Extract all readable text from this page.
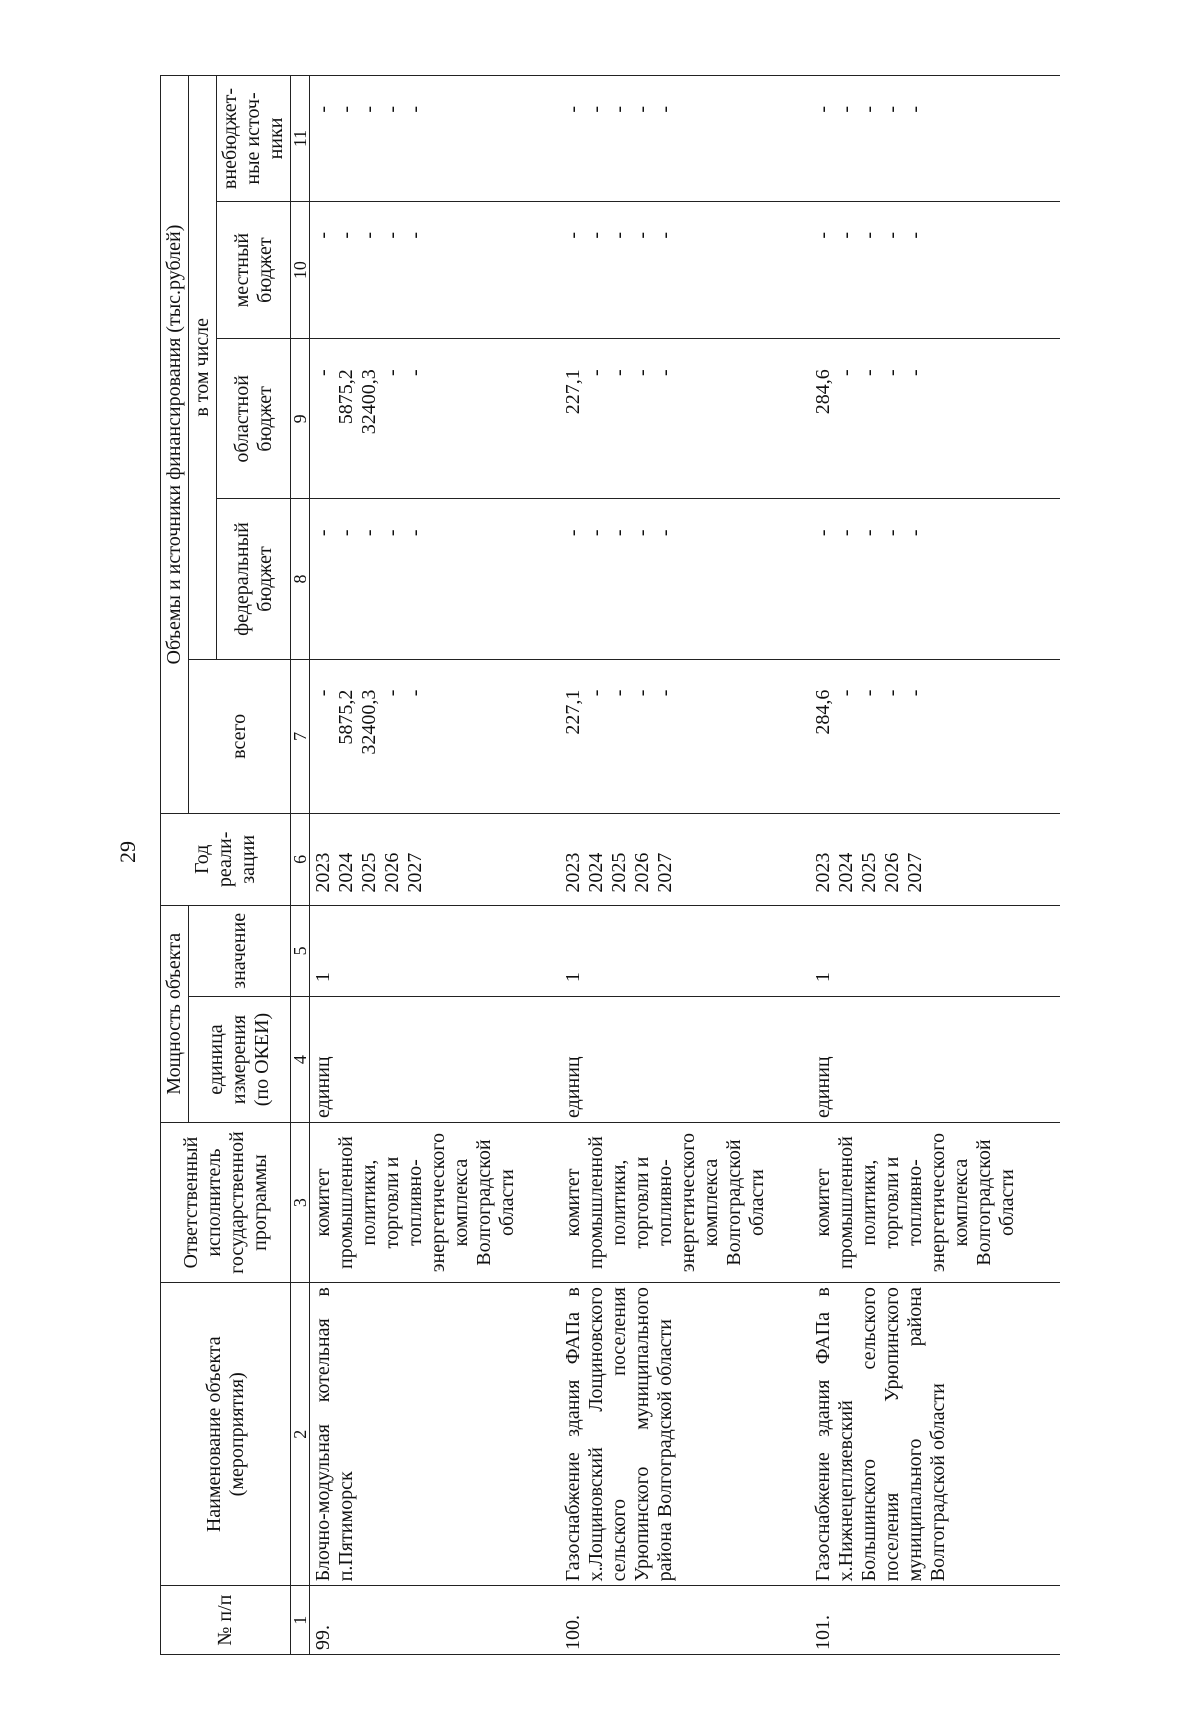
29
№ п/п	Наименование объекта (мероприятия)	Ответственный исполнитель государственной программы	Мощность объекта		Год реали-зации	Объемы и источники финансирования (тыс.рублей)				
			единица измерения (по ОКЕИ)	значение		всего	в том числе			
							федеральный бюджет	областной бюджет	местный бюджет	внебюджет-ные источ-ники
1	2	3	4	5	6	7	8	9	10	11
99.	Блочно-модульная котельная в п.Пятиморск	комитет промышленной политики, торговли и топливно-энергетического комплекса Волгоградской области	единиц	1	2023 2024 2025 2026 2027	- 5875,2 32400,3 - -	- - - - -	- 5875,2 32400,3 - -	- - - - -	- - - - -

100.	Газоснабжение здания ФАПа в х.Лощиновский Лощиновского сельского поселения Урюпинского муниципального района Волгоградской области	комитет промышленной политики, торговли и топливно-энергетического комплекса Волгоградской области	единиц	1	2023 2024 2025 2026 2027	227,1 - - - -	- - - - -	227,1 - - - -	- - - - -	- - - - -

101.	Газоснабжение здания ФАПа в х.Нижнецепляевский Большинского сельского поселения Урюпинского муниципального района Волгоградской области	комитет промышленной политики, торговли и топливно-энергетического комплекса Волгоградской области	единиц	1	2023 2024 2025 2026 2027	284,6 - - - -	- - - - -	284,6 - - - -	- - - - -	- - - - -
